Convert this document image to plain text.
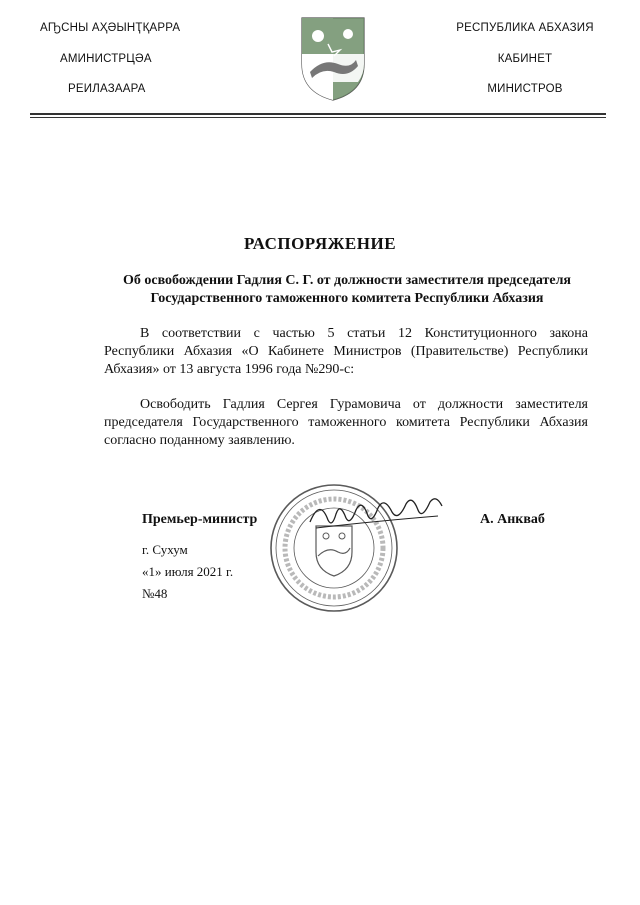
АҦСНЫ АҲӘЫНҬҚАРРА
АМИНИСТРЦӘА
РЕИЛАЗААРА
РЕСПУБЛИКА АБХАЗИЯ
КАБИНЕТ
МИНИСТРОВ
РАСПОРЯЖЕНИЕ
Об освобождении Гадлия С. Г. от должности заместителя председателя Государственного таможенного комитета Республики Абхазия
В соответствии с частью 5 статьи 12 Конституционного закона Республики Абхазия «О Кабинете Министров (Правительстве) Республики Абхазия» от 13 августа 1996 года №290-с:
Освободить Гадлия Сергея Гурамовича от должности заместителя председателя Государственного таможенного комитета Республики Абхазия согласно поданному заявлению.
Премьер-министр	А. Анкваб
г. Сухум
«1» июля 2021 г.
№48
